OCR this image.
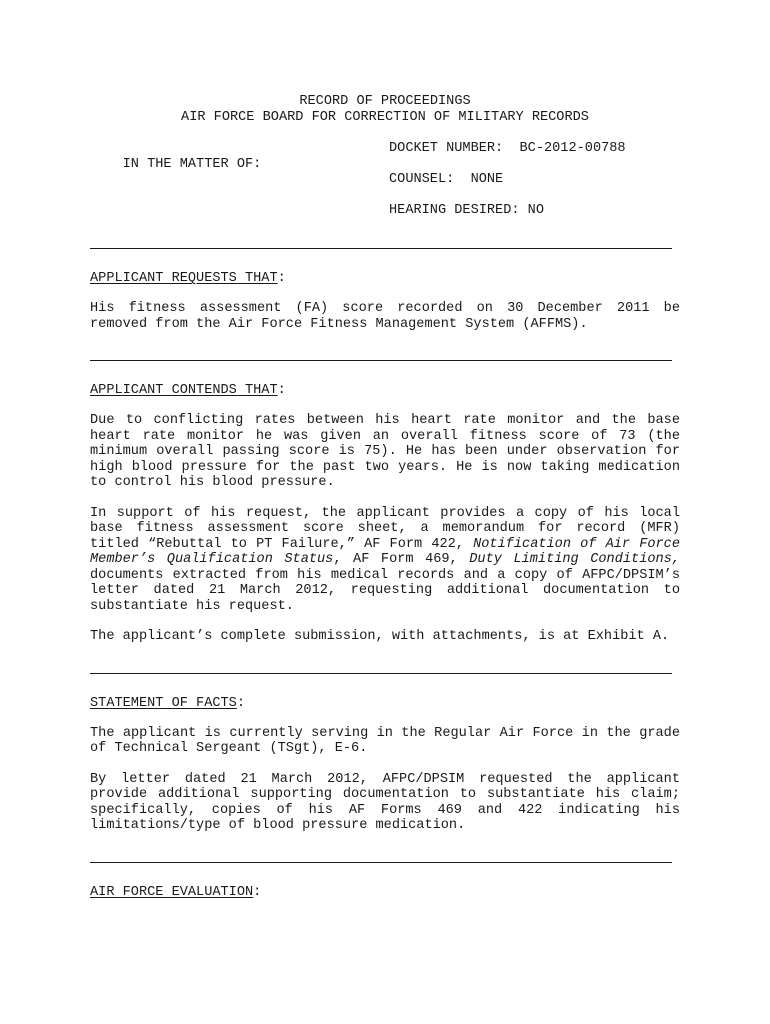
RECORD OF PROCEEDINGS
AIR FORCE BOARD FOR CORRECTION OF MILITARY RECORDS

IN THE MATTER OF:

DOCKET NUMBER:  BC-2012-00788

COUNSEL:  NONE

HEARING DESIRED: NO

APPLICANT REQUESTS THAT:

His fitness assessment (FA) score recorded on 30 December 2011 be removed from the Air Force Fitness Management System (AFFMS).

APPLICANT CONTENDS THAT:

Due to conflicting rates between his heart rate monitor and the base heart rate monitor he was given an overall fitness score of 73 (the minimum overall passing score is 75). He has been under observation for high blood pressure for the past two years. He is now taking medication to control his blood pressure.

In support of his request, the applicant provides a copy of his local base fitness assessment score sheet, a memorandum for record (MFR) titled “Rebuttal to PT Failure,” AF Form 422, Notification of Air Force Member’s Qualification Status, AF Form 469, Duty Limiting Conditions, documents extracted from his medical records and a copy of AFPC/DPSIM’s letter dated 21 March 2012, requesting additional documentation to substantiate his request.

The applicant’s complete submission, with attachments, is at Exhibit A.

STATEMENT OF FACTS:

The applicant is currently serving in the Regular Air Force in the grade of Technical Sergeant (TSgt), E-6.

By letter dated 21 March 2012, AFPC/DPSIM requested the applicant provide additional supporting documentation to substantiate his claim; specifically, copies of his AF Forms 469 and 422 indicating his limitations/type of blood pressure medication.

AIR FORCE EVALUATION:
